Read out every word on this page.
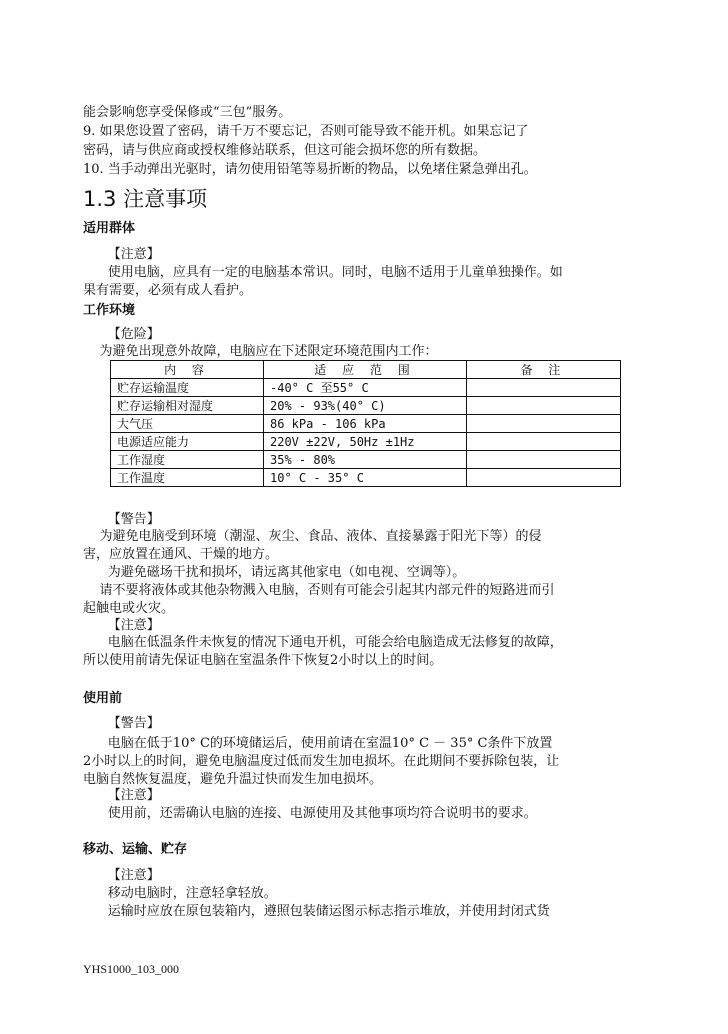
能会影响您享受保修或“三包”服务。
9. 如果您设置了密码，请千万不要忘记，否则可能导致不能开机。如果忘记了
密码，请与供应商或授权维修站联系，但这可能会损坏您的所有数据。
10. 当手动弹出光驱时，请勿使用铅笔等易折断的物品，以免堵住紧急弹出孔。
1.3 注意事项
适用群体
【注意】
使用电脑，应具有一定的电脑基本常识。同时，电脑不适用于儿童单独操作。如
果有需要，必须有成人看护。
工作环境
【危险】
为避免出现意外故障，电脑应在下述限定环境范围内工作：
内 容	适 应 范 围	备 注
贮存运输温度	-40° C 至55° C	
贮存运输相对湿度	20% - 93%(40° C)	
大气压	86 kPa - 106 kPa	
电源适应能力	220V ±22V, 50Hz ±1Hz	
工作湿度	35% - 80%	
工作温度	10° C - 35° C	
【警告】
为避免电脑受到环境（潮湿、灰尘、食品、液体、直接暴露于阳光下等）的侵
害，应放置在通风、干燥的地方。
为避免磁场干扰和损坏，请远离其他家电（如电视、空调等）。
请不要将液体或其他杂物溅入电脑，否则有可能会引起其内部元件的短路进而引
起触电或火灾。
【注意】
电脑在低温条件未恢复的情况下通电开机，可能会给电脑造成无法修复的故障，
所以使用前请先保证电脑在室温条件下恢复2小时以上的时间。
使用前
【警告】
电脑在低于10° C的环境储运后，使用前请在室温10° C － 35° C条件下放置
2小时以上的时间，避免电脑温度过低而发生加电损坏。在此期间不要拆除包装，让
电脑自然恢复温度，避免升温过快而发生加电损坏。
【注意】
使用前，还需确认电脑的连接、电源使用及其他事项均符合说明书的要求。
移动、运输、贮存
【注意】
移动电脑时，注意轻拿轻放。
运输时应放在原包装箱内，遵照包装储运图示标志指示堆放，并使用封闭式货
YHS1000_103_000
